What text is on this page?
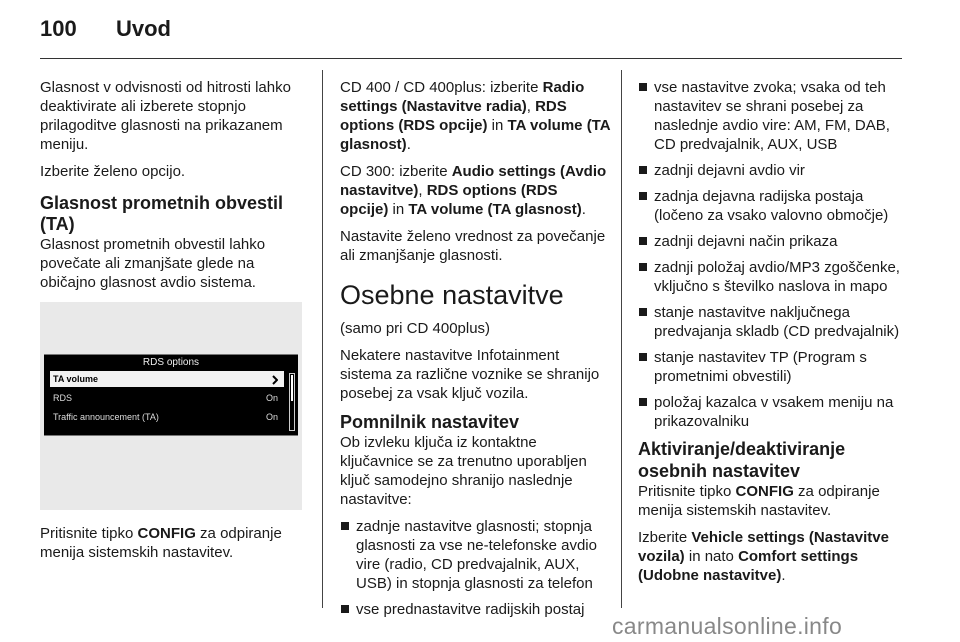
100	Uvod

Glasnost v odvisnosti od hitrosti lahko deaktivirate ali izberete stopnjo prilagoditve glasnosti na prikazanem meniju.

Izberite želeno opcijo.

Glasnost prometnih obvestil (TA)

Glasnost prometnih obvestil lahko povečate ali zmanjšate glede na običajno glasnost avdio sistema.

RDS options
TA volume
RDS	On
Traffic announcement (TA)	On

Pritisnite tipko CONFIG za odpiranje menija sistemskih nastavitev.

CD 400 / CD 400plus: izberite Radio settings (Nastavitve radia), RDS options (RDS opcije) in TA volume (TA glasnost).

CD 300: izberite Audio settings (Avdio nastavitve), RDS options (RDS opcije) in TA volume (TA glasnost).

Nastavite želeno vrednost za povečanje ali zmanjšanje glasnosti.

Osebne nastavitve

(samo pri CD 400plus)

Nekatere nastavitve Infotainment sistema za različne voznike se shranijo posebej za vsak ključ vozila.

Pomnilnik nastavitev

Ob izvleku ključa iz kontaktne ključavnice se za trenutno uporabljen ključ samodejno shranijo naslednje nastavitve:

zadnje nastavitve glasnosti; stopnja glasnosti za vse ne-telefonske avdio vire (radio, CD predvajalnik, AUX, USB) in stopnja glasnosti za telefon
vse prednastavitve radijskih postaj
vse nastavitve zvoka; vsaka od teh nastavitev se shrani posebej za naslednje avdio vire: AM, FM, DAB, CD predvajalnik, AUX, USB
zadnji dejavni avdio vir
zadnja dejavna radijska postaja (ločeno za vsako valovno območje)
zadnji dejavni način prikaza
zadnji položaj avdio/MP3 zgoščenke, vključno s številko naslova in mapo
stanje nastavitve naključnega predvajanja skladb (CD predvajalnik)
stanje nastavitev TP (Program s prometnimi obvestili)
položaj kazalca v vsakem meniju na prikazovalniku
Aktiviranje/deaktiviranje osebnih nastavitev

Pritisnite tipko CONFIG za odpiranje menija sistemskih nastavitev.

Izberite Vehicle settings (Nastavitve vozila) in nato Comfort settings (Udobne nastavitve).

carmanualsonline.info
